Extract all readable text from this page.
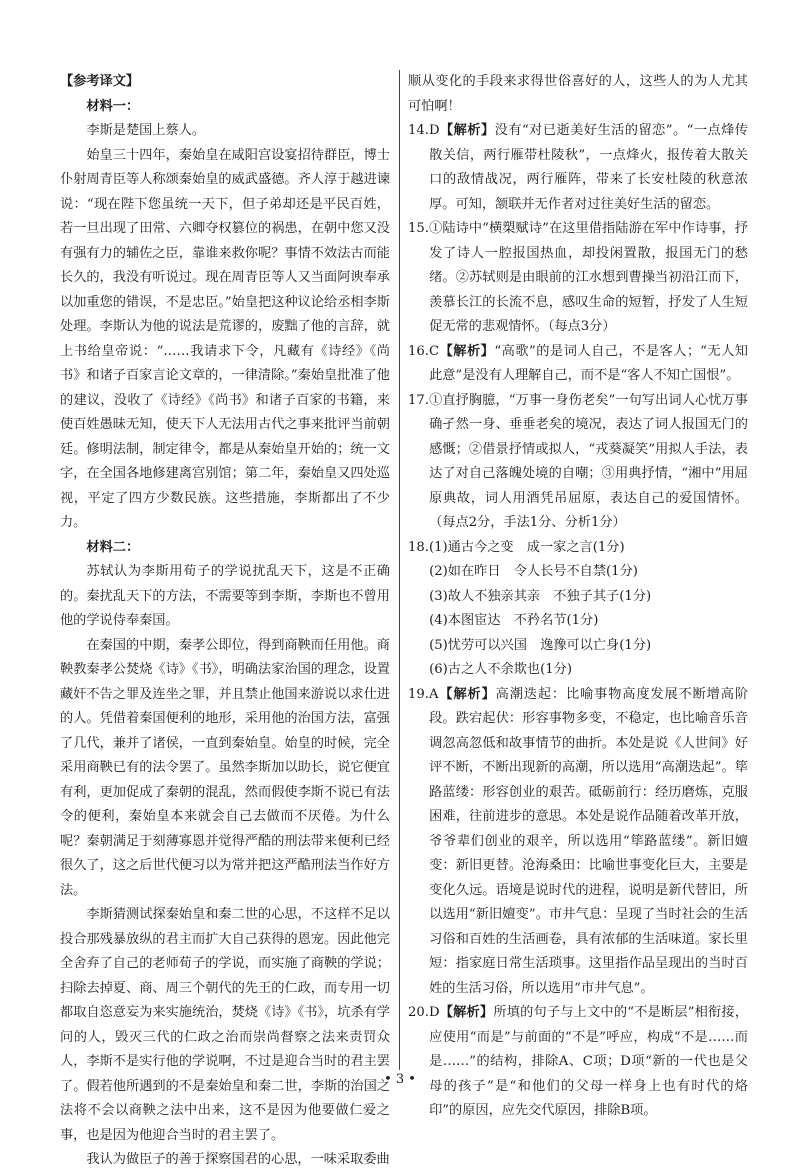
【参考译文】

材料一：

李斯是楚国上蔡人。

始皇三十四年，秦始皇在咸阳宫设宴招待群臣，博士仆射周青臣等人称颂秦始皇的威武盛德。齐人淳于越进谏说：“现在陛下您虽统一天下，但子弟却还是平民百姓，若一旦出现了田常、六卿夺权篡位的祸患，在朝中您又没有强有力的辅佐之臣，靠谁来救你呢？事情不效法古而能长久的，我没有听说过。现在周青臣等人又当面阿谀奉承以加重您的错误，不是忠臣。”始皇把这种议论给丞相李斯处理。李斯认为他的说法是荒谬的，废黜了他的言辞，就上书给皇帝说：“……我请求下令，凡藏有《诗经》《尚书》和诸子百家言论文章的，一律清除。”秦始皇批准了他的建议，没收了《诗经》《尚书》和诸子百家的书籍，来使百姓愚昧无知，使天下人无法用古代之事来批评当前朝廷。修明法制，制定律令，都是从秦始皇开始的；统一文字，在全国各地修建离宫别馆；第二年，秦始皇又四处巡视，平定了四方少数民族。这些措施，李斯都出了不少力。

材料二：

苏轼认为李斯用荀子的学说扰乱天下，这是不正确的。秦扰乱天下的方法，不需要等到李斯，李斯也不曾用他的学说侍奉秦国。

在秦国的中期，秦孝公即位，得到商鞅而任用他。商鞅教秦孝公焚烧《诗》《书》，明确法家治国的理念，设置藏奸不告之罪及连坐之罪，并且禁止他国来游说以求仕进的人。凭借着秦国便利的地形，采用他的治国方法，富强了几代，兼并了诸侯，一直到秦始皇。始皇的时候，完全采用商鞅已有的法令罢了。虽然李斯加以助长，说它便宜有利，更加促成了秦朝的混乱，然而假使李斯不说已有法令的便利，秦始皇本来就会自己去做而不厌倦。为什么呢？秦朝满足于刻薄寡恩并觉得严酷的刑法带来便利已经很久了，这之后世代便习以为常并把这严酷刑法当作好方法。

李斯猜测试探秦始皇和秦二世的心思，不这样不足以投合那残暴放纵的君主而扩大自己获得的恩宠。因此他完全舍弃了自己的老师荀子的学说，而实施了商鞅的学说；扫除去掉夏、商、周三个朝代的先王的仁政，而专用一切都取自恣意妄为来实施统治，焚烧《诗》《书》，坑杀有学问的人，毁灭三代的仁政之治而崇尚督察之法来责罚众人，李斯不是实行他的学说啊，不过是迎合当时的君主罢了。假若他所遇到的不是秦始皇和秦二世，李斯的治国之法将不会以商鞅之法中出来，这不是因为他要做仁爱之事，也是因为他迎合当时的君主罢了。

我认为做臣子的善于探察国君的心思，一味采取委曲

顺从变化的手段来求得世俗喜好的人，这些人的为人尤其可怕啊！

14.D【解析】没有“对已逝美好生活的留恋”。“一点烽传散关信，两行雁带杜陵秋”，一点烽火，报传着大散关口的敌情战况，两行雁阵，带来了长安杜陵的秋意浓厚。可知，颔联并无作者对过往美好生活的留恋。

15.①陆诗中“横槊赋诗”在这里借指陆游在军中作诗事，抒发了诗人一腔报国热血，却投闲置散，报国无门的愁绪。②苏轼则是由眼前的江水想到曹操当初沿江而下，羡慕长江的长流不息，感叹生命的短暂，抒发了人生短促无常的悲观情怀。（每点3分）

16.C【解析】“高歌”的是词人自己，不是客人；“无人知此意”是没有人理解自己，而不是“客人不知亡国恨”。

17.①直抒胸臆，“万事一身伤老矣”一句写出词人心忧万事确孑然一身、垂垂老矣的境况，表达了词人报国无门的感慨；②借景抒情或拟人，“戎葵凝笑”用拟人手法，表达了对自己落魄处境的自嘲；③用典抒情，“湘中”用屈原典故，词人用酒凭吊屈原，表达自己的爱国情怀。（每点2分，手法1分、分析1分）

18.(1)通古今之变　成一家之言(1分)

(2)如在昨日　令人长号不自禁(1分)

(3)故人不独亲其亲　不独子其子(1分)

(4)本图宦达　不矜名节(1分)

(5)忧劳可以兴国　逸豫可以亡身(1分)

(6)古之人不余欺也(1分)

19.A【解析】高潮迭起：比喻事物高度发展不断增高阶段。跌宕起伏：形容事物多变，不稳定，也比喻音乐音调忽高忽低和故事情节的曲折。本处是说《人世间》好评不断，不断出现新的高潮，所以选用“高潮迭起”。筚路蓝缕：形容创业的艰苦。砥砺前行：经历磨炼，克服困难，往前进步的意思。本处是说作品随着改革开放，爷爷辈们创业的艰辛，所以选用“筚路蓝缕”。新旧嬗变：新旧更替。沧海桑田：比喻世事变化巨大，主要是变化久远。语境是说时代的进程，说明是新代替旧，所以选用“新旧嬗变”。市井气息：呈现了当时社会的生活习俗和百姓的生活画卷，具有浓郁的生活味道。家长里短：指家庭日常生活琐事。这里指作品呈现出的当时百姓的生活习俗，所以选用“市井气息”。

20.D【解析】所填的句子与上文中的“不是断层”相衔接，应使用“而是”与前面的“不是”呼应，构成“不是……而是……”的结构，排除A、C项；D项“新的一代也是父母的孩子”是“和他们的父母一样身上也有时代的烙印”的原因，应先交代原因，排除B项。

• 3 •
